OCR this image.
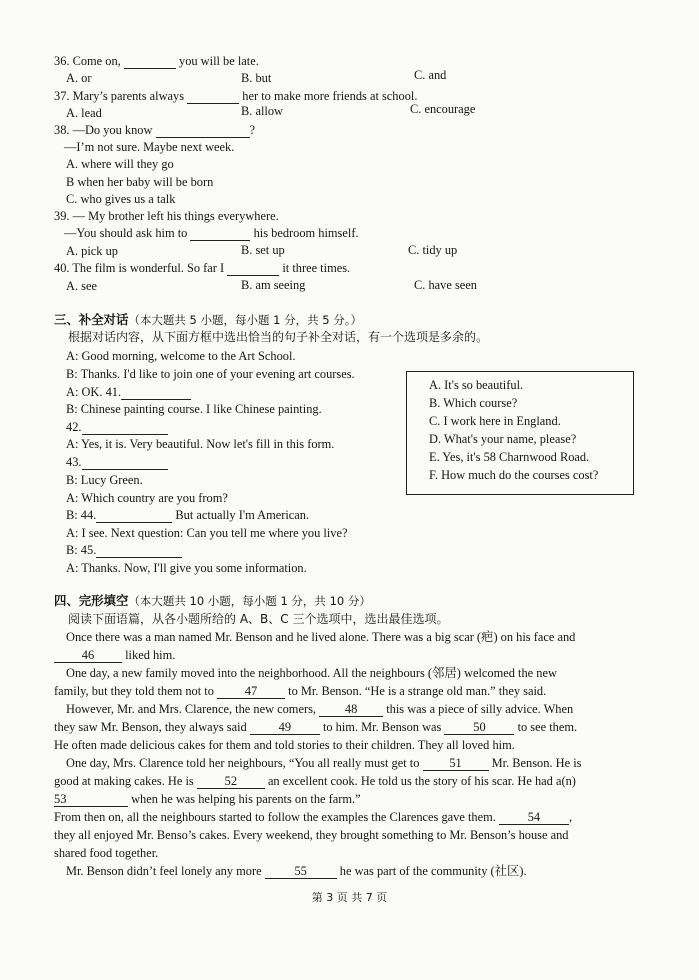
36. Come on,	you will be late.
A. or	B. but	C. and
37. Mary’s parents always	her to make more friends at school.
A. lead	B. allow	C. encourage
38. —Do you know	?
—I’m not sure. Maybe next week.
A. where will they go
B when her baby will be born
C. who gives us a talk
39. — My brother left his things everywhere.
—You should ask him to	his bedroom himself.
A. pick up	B. set up	C. tidy up
40. The film is wonderful. So far I	it three times.
A. see	B. am seeing	C. have seen
三、补全对话（本大题共 5 小题，每小题 1 分，共 5 分。）
根据对话内容，从下面方框中选出恰当的句子补全对话，有一个选项是多余的。
A: Good morning, welcome to the Art School.
B: Thanks. I'd like to join one of your evening art courses.
A: OK. 41.
B: Chinese painting course. I like Chinese painting.
42.
A: Yes, it is. Very beautiful. Now let's fill in this form.
43.
B: Lucy Green.
A: Which country are you from?
B: 44.	But actually I'm American.
A: I see. Next question: Can you tell me where you live?
B: 45.
A: Thanks. Now, I'll give you some information.
A. It's so beautiful.
B. Which course?
C. I work here in England.
D. What's your name, please?
E. Yes, it's 58 Charnwood Road.
F. How much do the courses cost?
四、完形填空（本大题共 10 小题，每小题 1 分，共 10 分）
阅读下面语篇，从各小题所给的 A、B、C 三个选项中，选出最佳选项。
Once there was a man named Mr. Benson and he lived alone. There was a big scar (疤) on his face and
46 liked him.
One day, a new family moved into the neighborhood. All the neighbours (邻居) welcomed the new
family, but they told them not to 47 to Mr. Benson. “He is a strange old man.” they said.
However, Mr. and Mrs. Clarence, the new comers, 48 this was a piece of silly advice. When
they saw Mr. Benson, they always said	49	to him. Mr. Benson was	50	to see them.
He often made delicious cakes for them and told stories to their children. They all loved him.
One day, Mrs. Clarence told her neighbours, “You all really must get to 51 Mr. Benson. He is
good at making cakes. He is 52 an excellent cook. He told us the story of his scar. He had a(n)
53	when he was helping his parents on the farm.”
From then on, all the neighbours started to follow the examples the Clarences gave them.	54 ,
they all enjoyed Mr. Benso’s cakes. Every weekend, they brought something to Mr. Benson’s house and
shared food together.
Mr. Benson didn’t feel lonely any more	55	he was part of the community (社区).
第 3 页 共 7 页
